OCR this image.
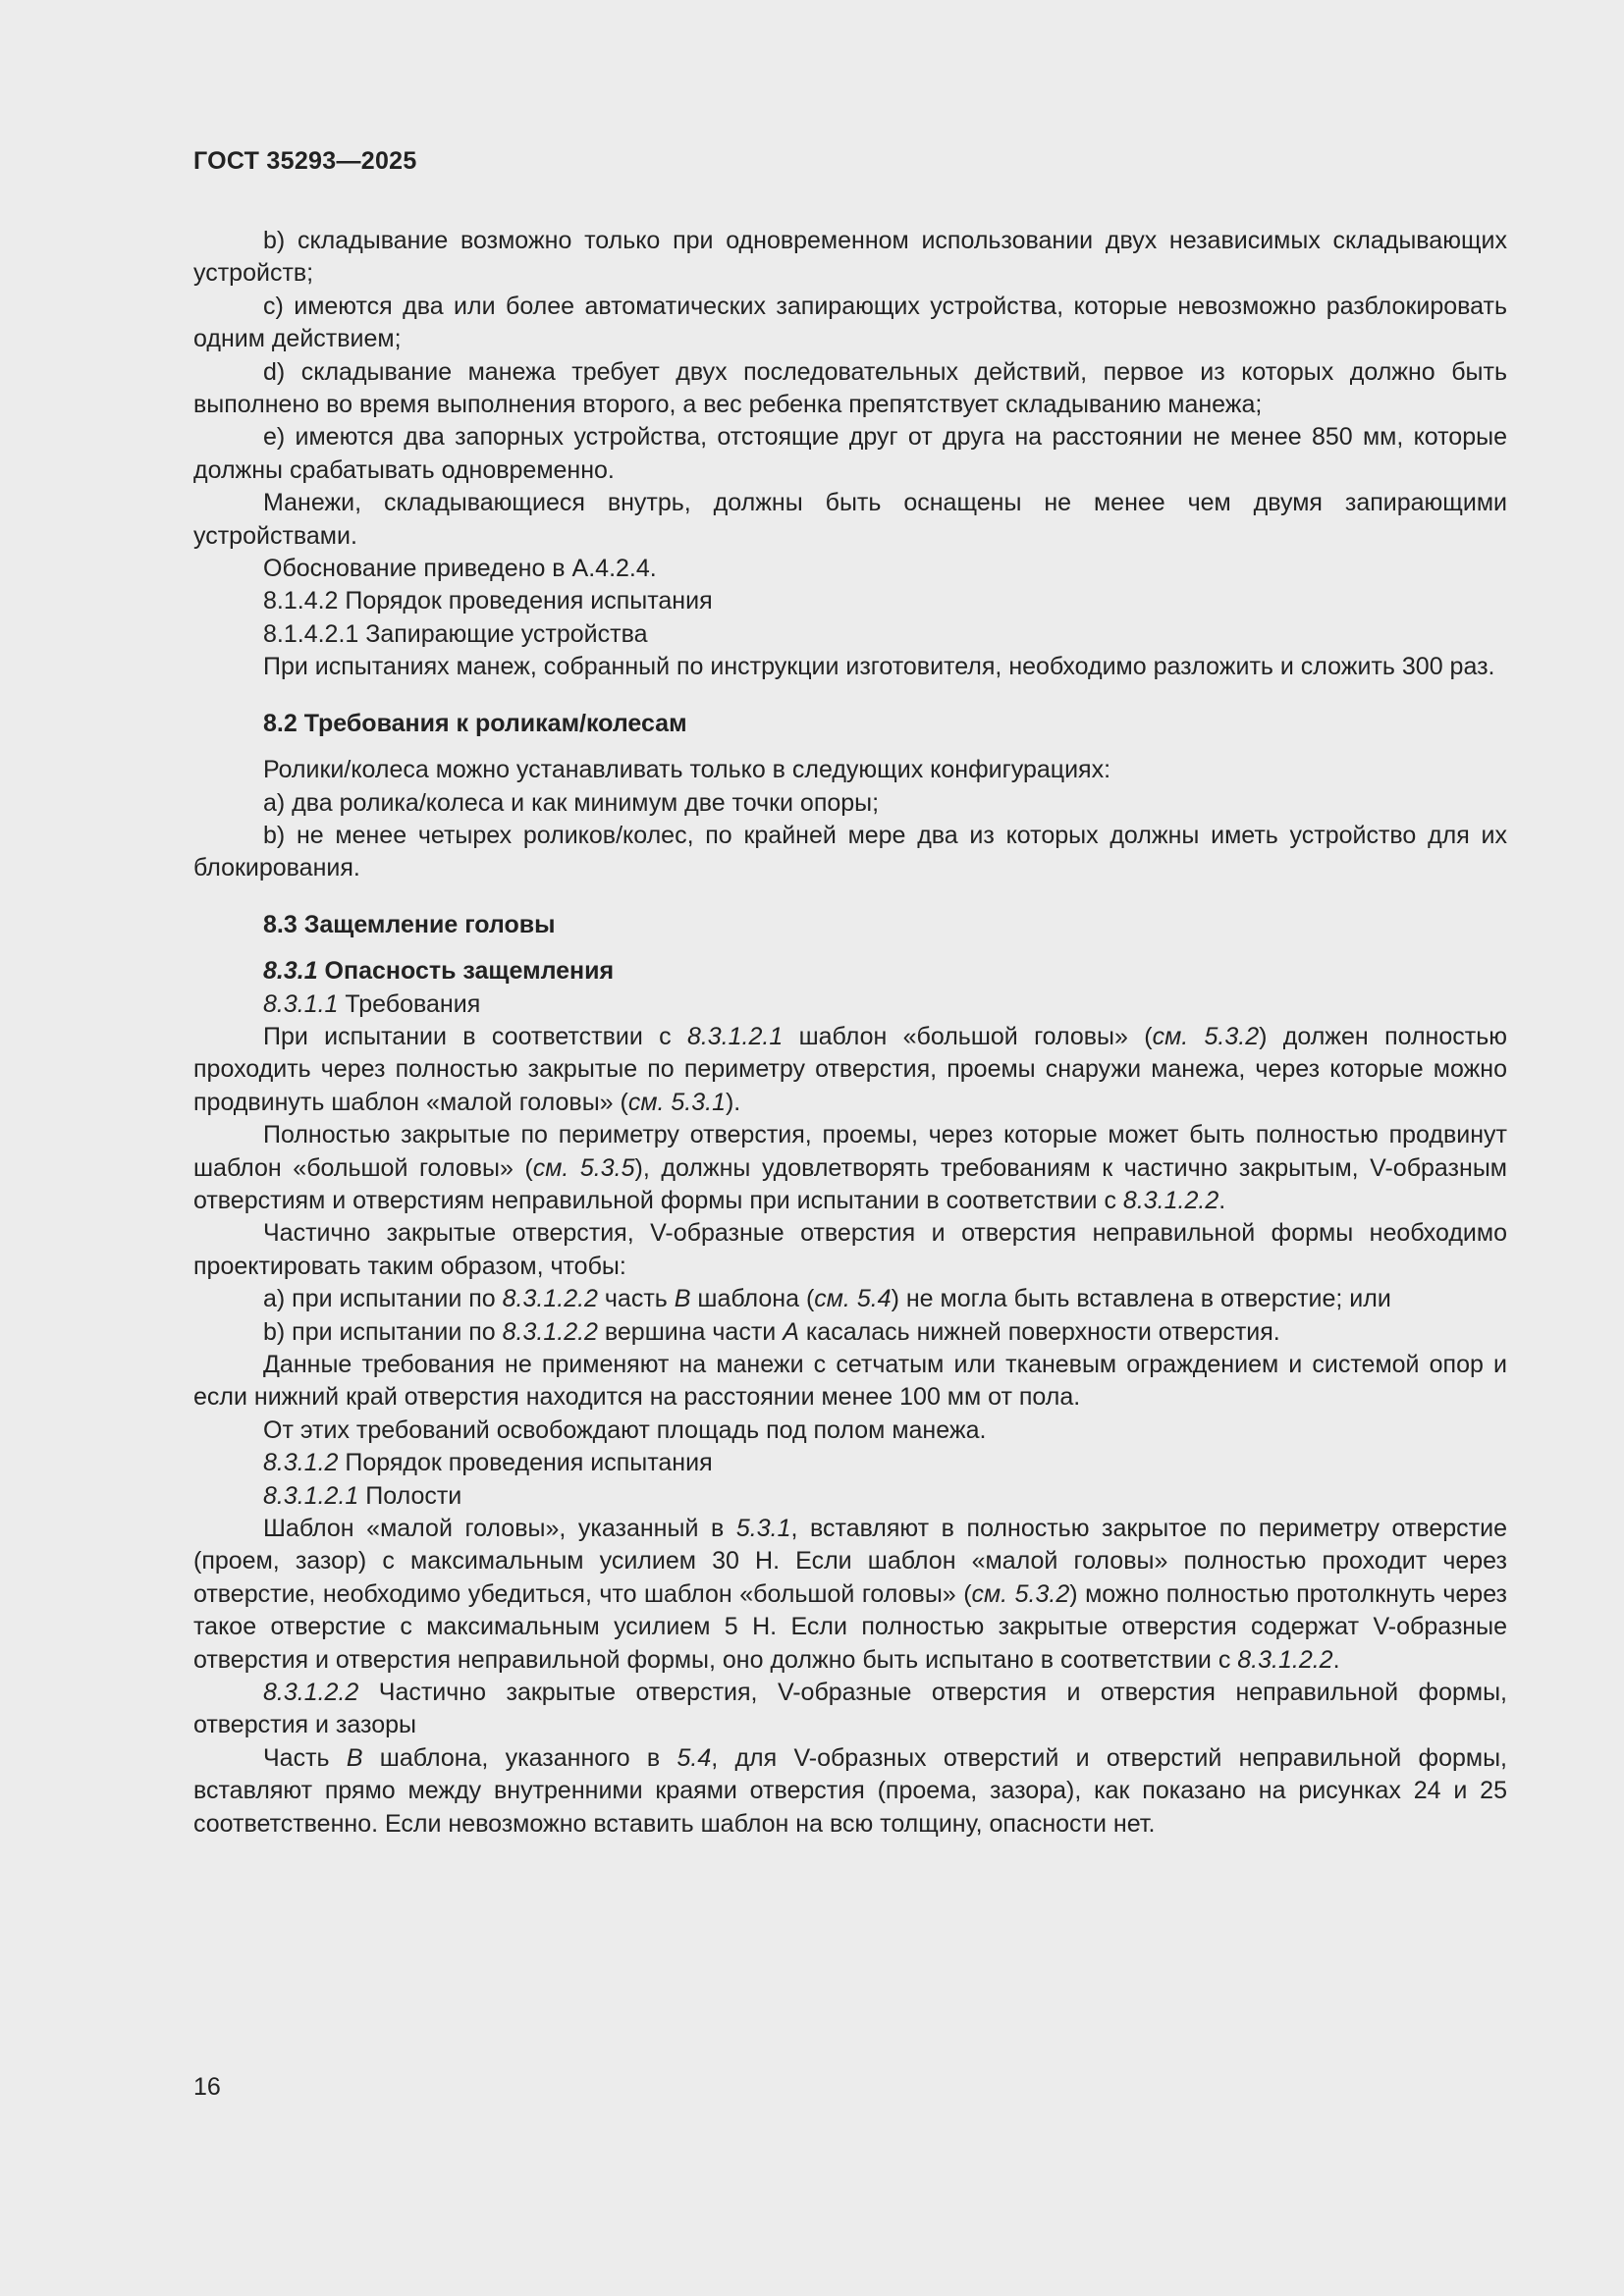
ГОСТ 35293—2025

b) складывание возможно только при одновременном использовании двух независимых складывающих устройств;

c) имеются два или более автоматических запирающих устройства, которые невозможно разблокировать одним действием;

d) складывание манежа требует двух последовательных действий, первое из которых должно быть выполнено во время выполнения второго, а вес ребенка препятствует складыванию манежа;

e) имеются два запорных устройства, отстоящие друг от друга на расстоянии не менее 850 мм, которые должны срабатывать одновременно.

Манежи, складывающиеся внутрь, должны быть оснащены не менее чем двумя запирающими устройствами.

Обоснование приведено в А.4.2.4.

8.1.4.2 Порядок проведения испытания

8.1.4.2.1 Запирающие устройства

При испытаниях манеж, собранный по инструкции изготовителя, необходимо разложить и сложить 300 раз.

8.2 Требования к роликам/колесам

Ролики/колеса можно устанавливать только в следующих конфигурациях:

a) два ролика/колеса и как минимум две точки опоры;

b) не менее четырех роликов/колес, по крайней мере два из которых должны иметь устройство для их блокирования.

8.3 Защемление головы

8.3.1 Опасность защемления

8.3.1.1 Требования

При испытании в соответствии с 8.3.1.2.1 шаблон «большой головы» (см. 5.3.2) должен полностью проходить через полностью закрытые по периметру отверстия, проемы снаружи манежа, через которые можно продвинуть шаблон «малой головы» (см. 5.3.1).

Полностью закрытые по периметру отверстия, проемы, через которые может быть полностью продвинут шаблон «большой головы» (см. 5.3.5), должны удовлетворять требованиям к частично закрытым, V-образным отверстиям и отверстиям неправильной формы при испытании в соответствии с 8.3.1.2.2.

Частично закрытые отверстия, V-образные отверстия и отверстия неправильной формы необходимо проектировать таким образом, чтобы:

a) при испытании по 8.3.1.2.2 часть B шаблона (см. 5.4) не могла быть вставлена в отверстие; или

b) при испытании по 8.3.1.2.2 вершина части A касалась нижней поверхности отверстия.

Данные требования не применяют на манежи с сетчатым или тканевым ограждением и системой опор и если нижний край отверстия находится на расстоянии менее 100 мм от пола.

От этих требований освобождают площадь под полом манежа.

8.3.1.2 Порядок проведения испытания

8.3.1.2.1 Полости

Шаблон «малой головы», указанный в 5.3.1, вставляют в полностью закрытое по периметру отверстие (проем, зазор) с максимальным усилием 30 Н. Если шаблон «малой головы» полностью проходит через отверстие, необходимо убедиться, что шаблон «большой головы» (см. 5.3.2) можно полностью протолкнуть через такое отверстие с максимальным усилием 5 Н. Если полностью закрытые отверстия содержат V-образные отверстия и отверстия неправильной формы, оно должно быть испытано в соответствии с 8.3.1.2.2.

8.3.1.2.2 Частично закрытые отверстия, V-образные отверстия и отверстия неправильной формы, отверстия и зазоры

Часть B шаблона, указанного в 5.4, для V-образных отверстий и отверстий неправильной формы, вставляют прямо между внутренними краями отверстия (проема, зазора), как показано на рисунках 24 и 25 соответственно. Если невозможно вставить шаблон на всю толщину, опасности нет.

16
